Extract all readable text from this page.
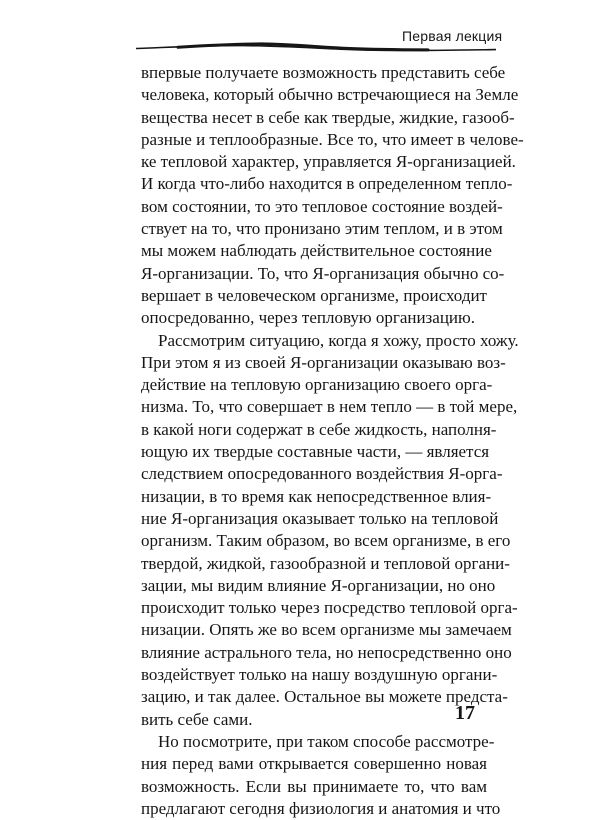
Первая лекция
впервые получаете возможность представить себе
человека, который обычно встречающиеся на Земле
вещества несет в себе как твердые, жидкие, газооб-
разные и теплообразные. Все то, что имеет в челове-
ке тепловой характер, управляется Я-организацией.
И когда что-либо находится в определенном тепло-
вом состоянии, то это тепловое состояние воздей-
ствует на то, что пронизано этим теплом, и в этом
мы можем наблюдать действительное состояние
Я-организации. То, что Я-организация обычно со-
вершает в человеческом организме, происходит
опосредованно, через тепловую организацию.
Рассмотрим ситуацию, когда я хожу, просто хожу.
При этом я из своей Я-организации оказываю воз-
действие на тепловую организацию своего орга-
низма. То, что совершает в нем тепло — в той мере,
в какой ноги содержат в себе жидкость, наполня-
ющую их твердые составные части, — является
следствием опосредованного воздействия Я-орга-
низации, в то время как непосредственное влия-
ние Я-организация оказывает только на тепловой
организм. Таким образом, во всем организме, в его
твердой, жидкой, газообразной и тепловой органи-
зации, мы видим влияние Я-организации, но оно
происходит только через посредство тепловой орга-
низации. Опять же во всем организме мы замечаем
влияние астрального тела, но непосредственно оно
воздействует только на нашу воздушную органи-
зацию, и так далее. Остальное вы можете предста-
вить себе сами.
Но посмотрите, при таком способе рассмотре-
ния перед вами открывается совершенно новая
возможность. Если вы принимаете то, что вам
предлагают сегодня физиология и анатомия и что
17
